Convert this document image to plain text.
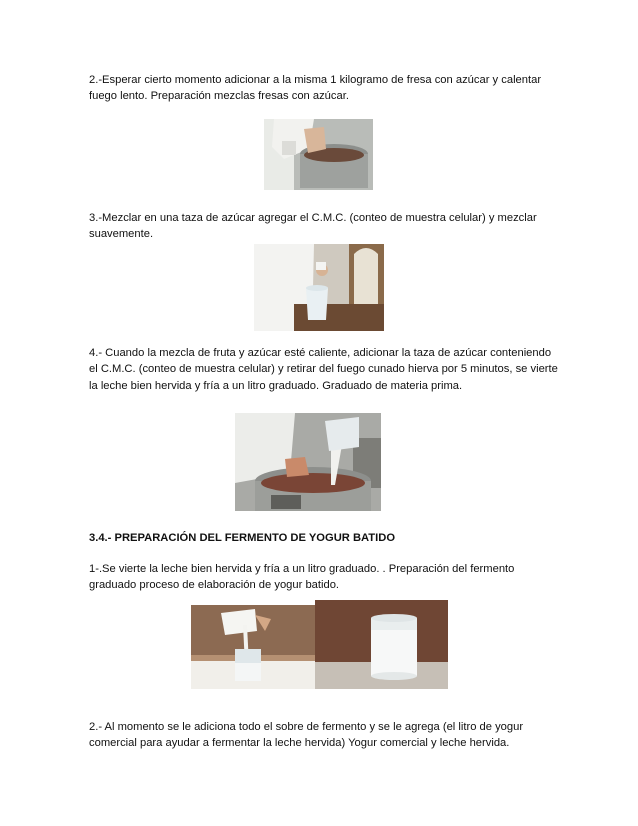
2.-Esperar cierto momento adicionar a la misma 1 kilogramo de fresa con azúcar y calentar fuego lento. Preparación mezclas fresas con azúcar.

3.-Mezclar en una taza de azúcar agregar el C.M.C. (conteo de muestra celular) y mezclar suavemente.

4.- Cuando la mezcla de fruta y azúcar esté caliente, adicionar la taza de azúcar conteniendo el C.M.C. (conteo de muestra celular) y retirar del fuego cunado hierva por 5 minutos, se vierte la leche bien hervida y fría a un litro graduado. Graduado de materia prima.

3.4.- PREPARACIÓN DEL FERMENTO DE YOGUR BATIDO

1-.Se vierte la leche bien hervida y fría a un litro graduado. . Preparación del fermento graduado proceso de elaboración de yogur batido.

2.- Al momento se le adiciona todo el sobre de fermento y se le agrega (el litro de yogur comercial para ayudar a fermentar la leche hervida) Yogur comercial y leche hervida.
